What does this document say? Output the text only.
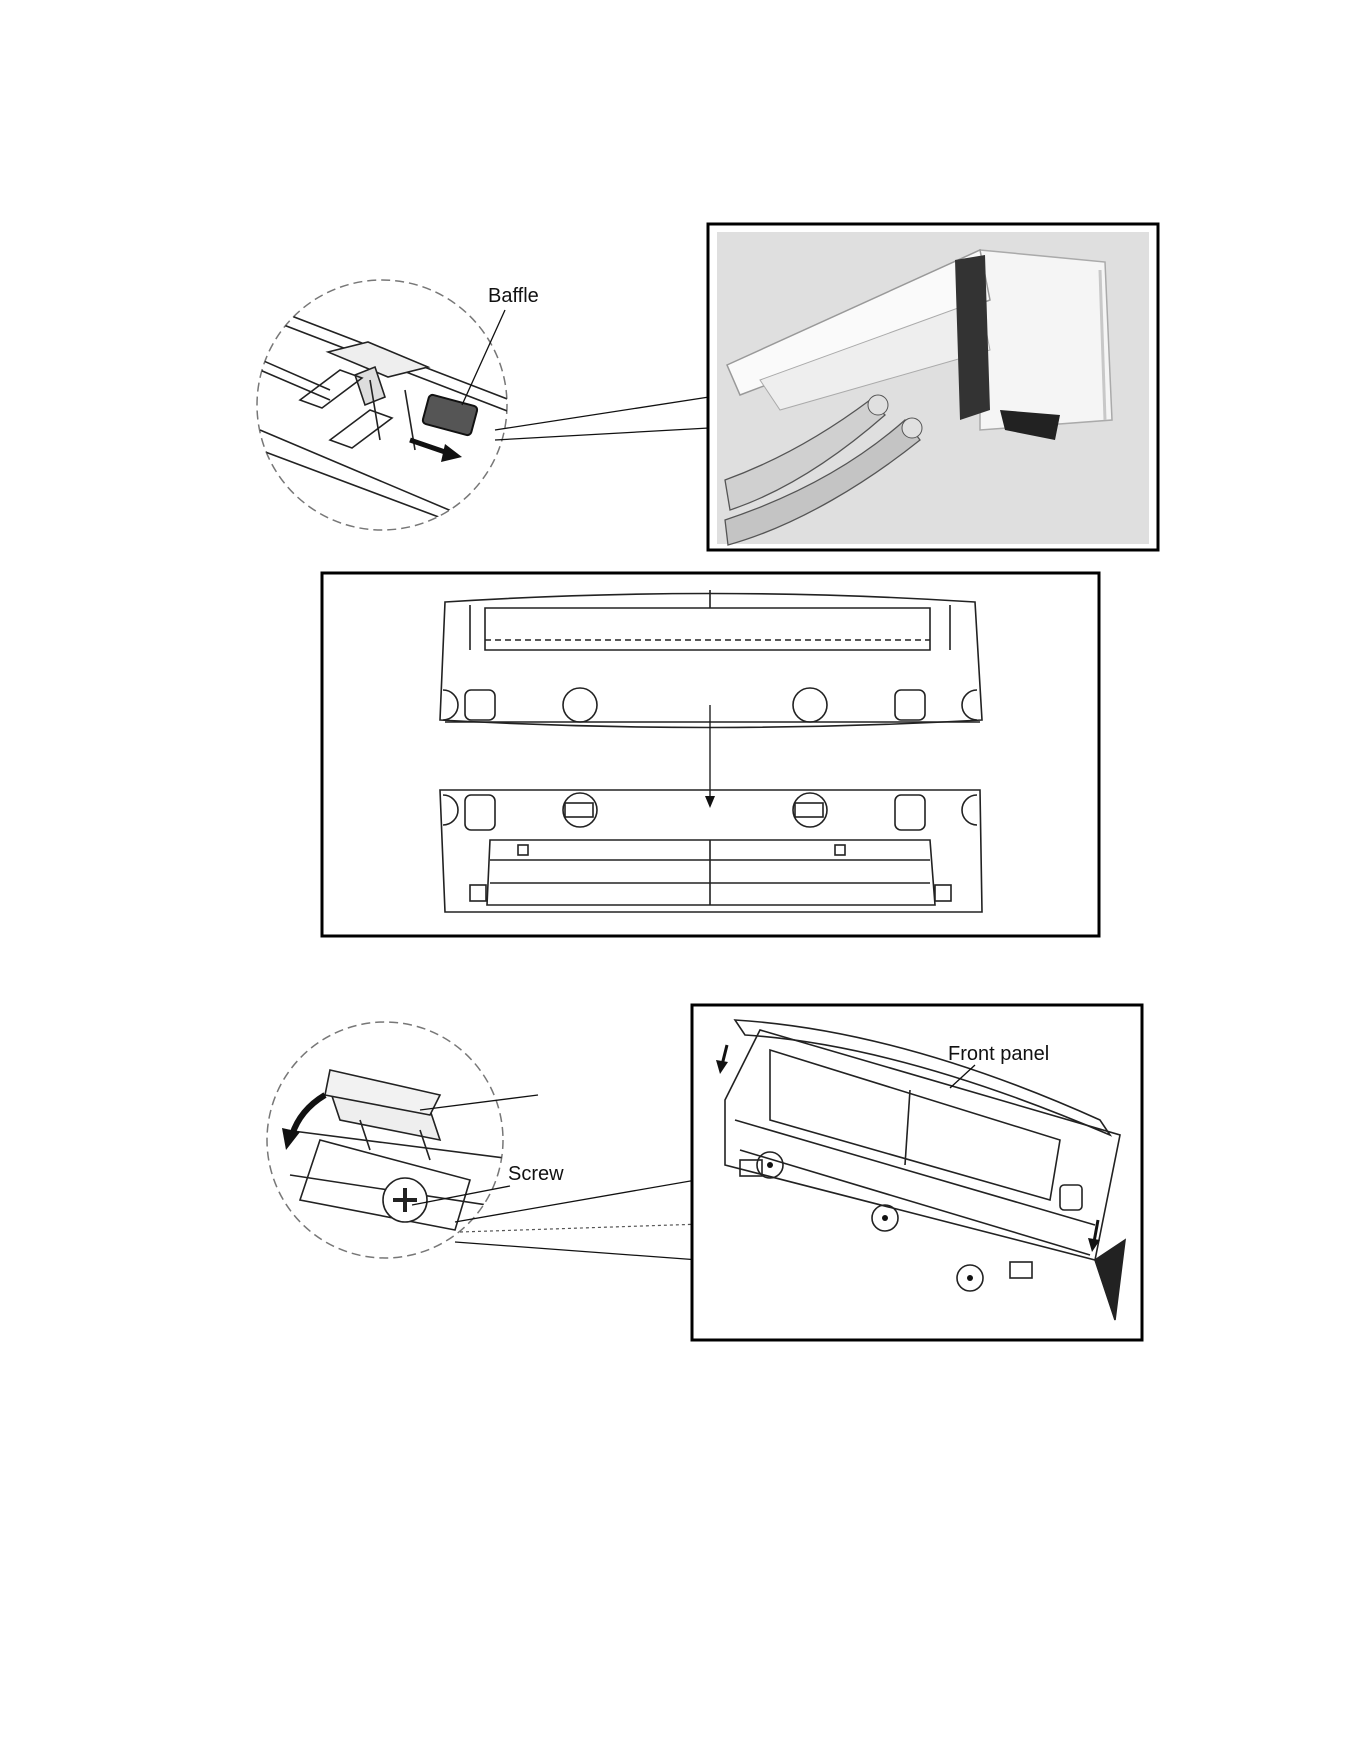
Baffle
Screw
Front panel
